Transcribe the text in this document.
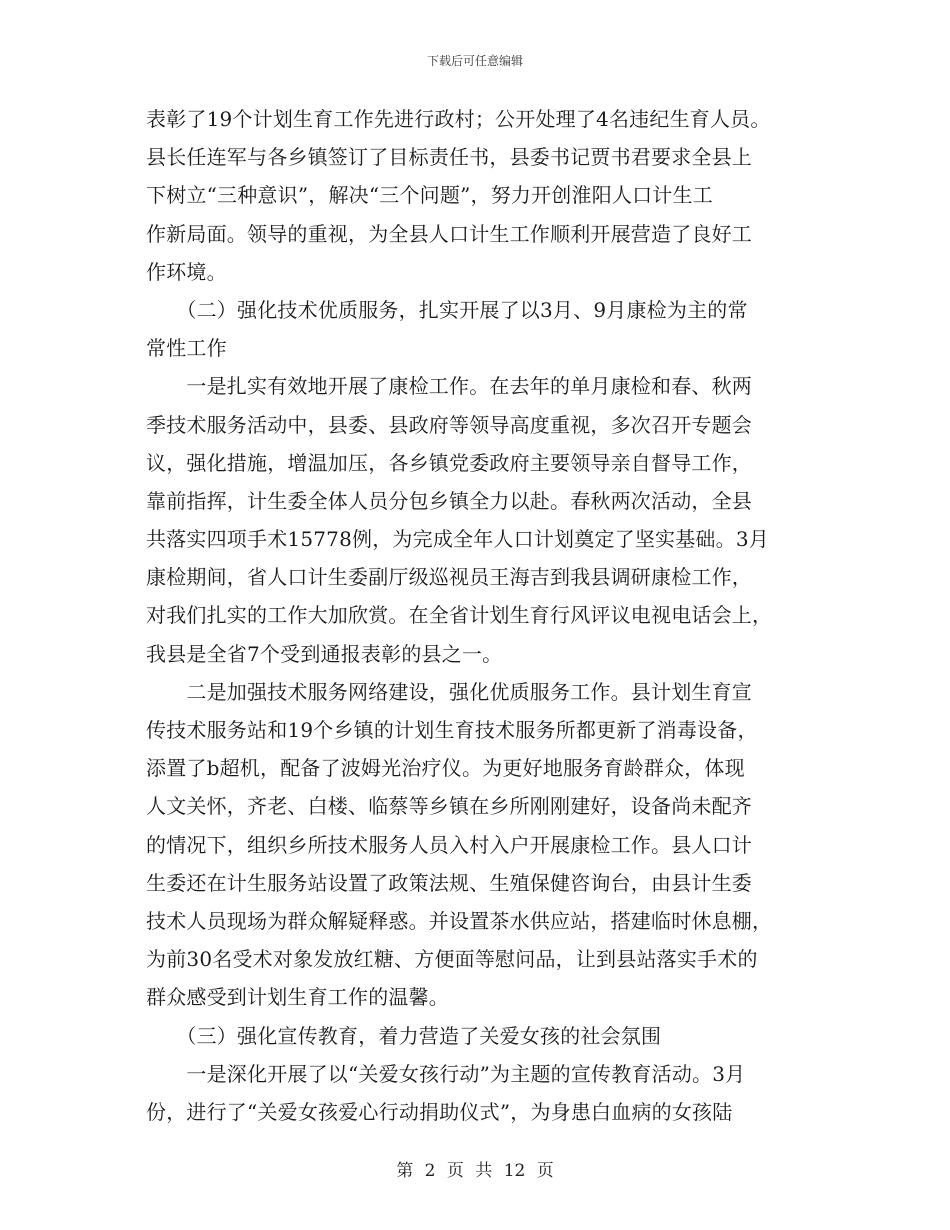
下载后可任意编辑
表彰了19个计划生育工作先进行政村；公开处理了4名违纪生育人员。
县长任连军与各乡镇签订了目标责任书，县委书记贾书君要求全县上
下树立“三种意识”，解决“三个问题”，努力开创淮阳人口计生工
作新局面。领导的重视，为全县人口计生工作顺利开展营造了良好工
作环境。
　　（二）强化技术优质服务，扎实开展了以3月、9月康检为主的常
常性工作
　　一是扎实有效地开展了康检工作。在去年的单月康检和春、秋两
季技术服务活动中，县委、县政府等领导高度重视，多次召开专题会
议，强化措施，增温加压，各乡镇党委政府主要领导亲自督导工作，
靠前指挥，计生委全体人员分包乡镇全力以赴。春秋两次活动，全县
共落实四项手术15778例，为完成全年人口计划奠定了坚实基础。3月
康检期间，省人口计生委副厅级巡视员王海吉到我县调研康检工作，
对我们扎实的工作大加欣赏。在全省计划生育行风评议电视电话会上，
我县是全省7个受到通报表彰的县之一。
　　二是加强技术服务网络建设，强化优质服务工作。县计划生育宣
传技术服务站和19个乡镇的计划生育技术服务所都更新了消毒设备，
添置了b超机，配备了波姆光治疗仪。为更好地服务育龄群众，体现
人文关怀，齐老、白楼、临蔡等乡镇在乡所刚刚建好，设备尚未配齐
的情况下，组织乡所技术服务人员入村入户开展康检工作。县人口计
生委还在计生服务站设置了政策法规、生殖保健咨询台，由县计生委
技术人员现场为群众解疑释惑。并设置茶水供应站，搭建临时休息棚，
为前30名受术对象发放红糖、方便面等慰问品，让到县站落实手术的
群众感受到计划生育工作的温馨。
　　（三）强化宣传教育，着力营造了关爱女孩的社会氛围
　　一是深化开展了以“关爱女孩行动”为主题的宣传教育活动。3月
份，进行了“关爱女孩爱心行动捐助仪式”，为身患白血病的女孩陆
第 2 页 共 12 页
